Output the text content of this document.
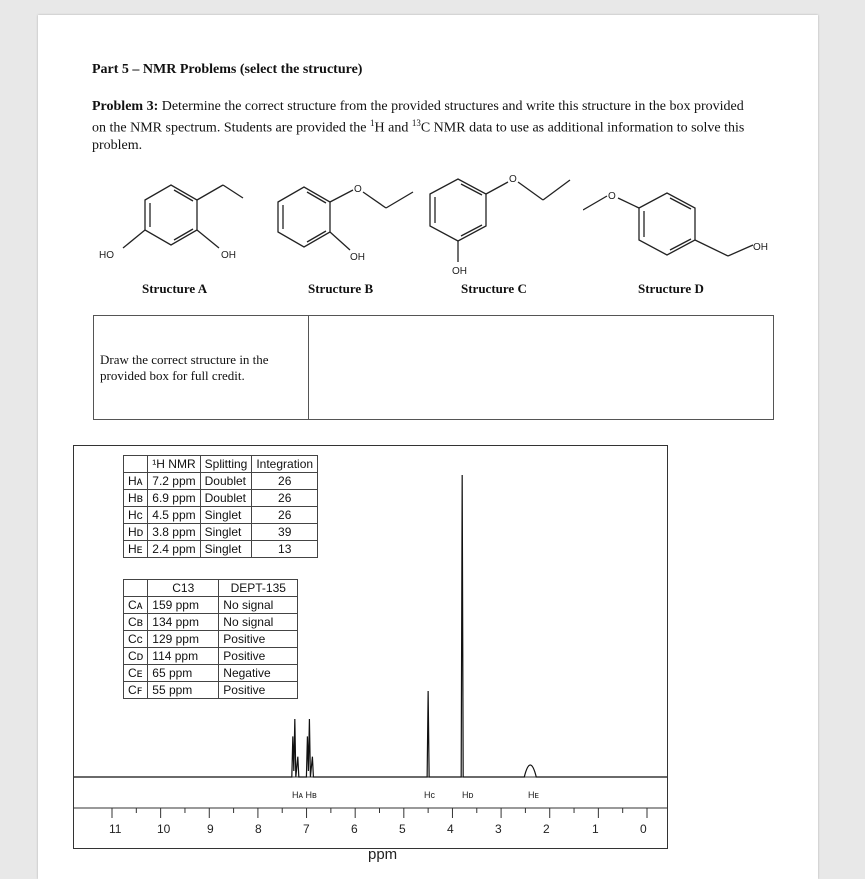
Part 5 – NMR Problems (select the structure)
Problem 3: Determine the correct structure from the provided structures and write this structure in the box provided on the NMR spectrum. Students are provided the $^1$H and $^{13}$C NMR data to use as additional information to solve this problem.
HO	OH
Structure A
O
OH
Structure B
O
OH
Structure C
O
OH
Structure D
Draw the correct structure in the provided box for full credit.
	¹H NMR	Splitting	Integration
Hᴀ	7.2 ppm	Doublet	26
Hʙ	6.9 ppm	Doublet	26
Hᴄ	4.5 ppm	Singlet	26
Hᴅ	3.8 ppm	Singlet	39
Hᴇ	2.4 ppm	Singlet	13
	C13	DEPT-135
Cᴀ	159 ppm	No signal
Cʙ	134 ppm	No signal
Cᴄ	129 ppm	Positive
Cᴅ	114 ppm	Positive
Cᴇ	65 ppm	Negative
Cꜰ	55 ppm	Positive
Hᴀ Hʙ	Hᴄ	Hᴅ	Hᴇ
11	10	9	8	7	6	5	4	3	2	1	0
ppm
